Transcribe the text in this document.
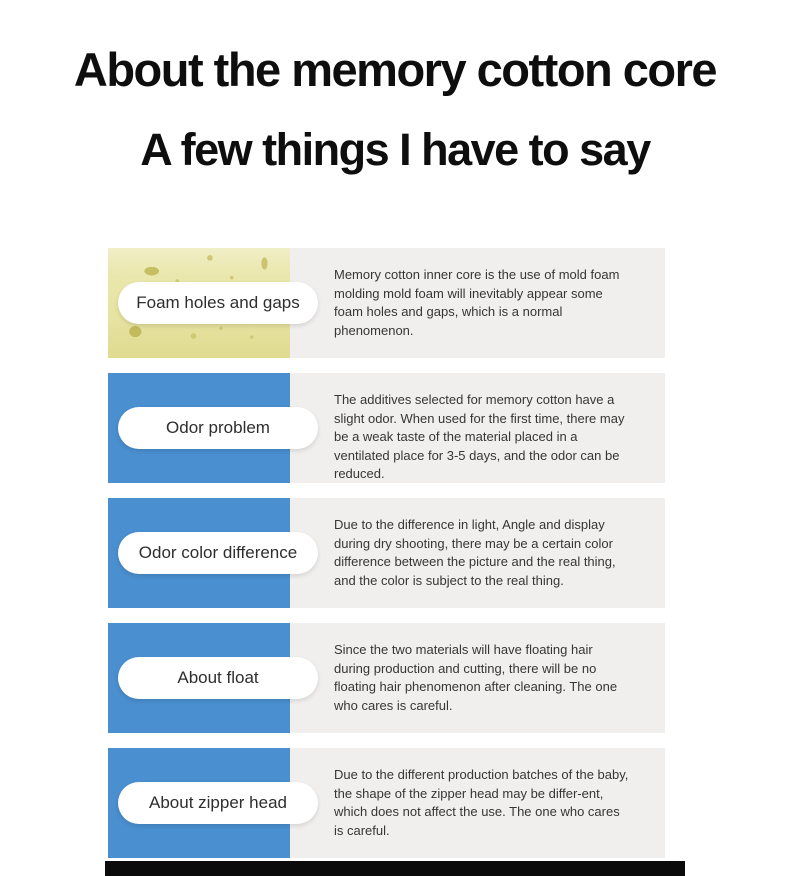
About the memory cotton core
A few things I have to say
Foam holes and gaps
Memory cotton inner core is the use of mold foam molding mold foam will inevitably appear some foam holes and gaps, which is a normal phenomenon.
Odor problem
The additives selected for memory cotton have a slight odor. When used for the first time, there may be a weak taste of the material placed in a ventilated place for 3-5 days, and the odor can be reduced.
Odor color difference
Due to the difference in light, Angle and display during dry shooting, there may be a certain color difference between the picture and the real thing, and the color is subject to the real thing.
About float
Since the two materials will have floating hair during production and cutting, there will be no floating hair phenomenon after cleaning. The one who cares is careful.
About zipper head
Due to the different production batches of the baby, the shape of the zipper head may be differ-ent, which does not affect the use. The one who cares is careful.
